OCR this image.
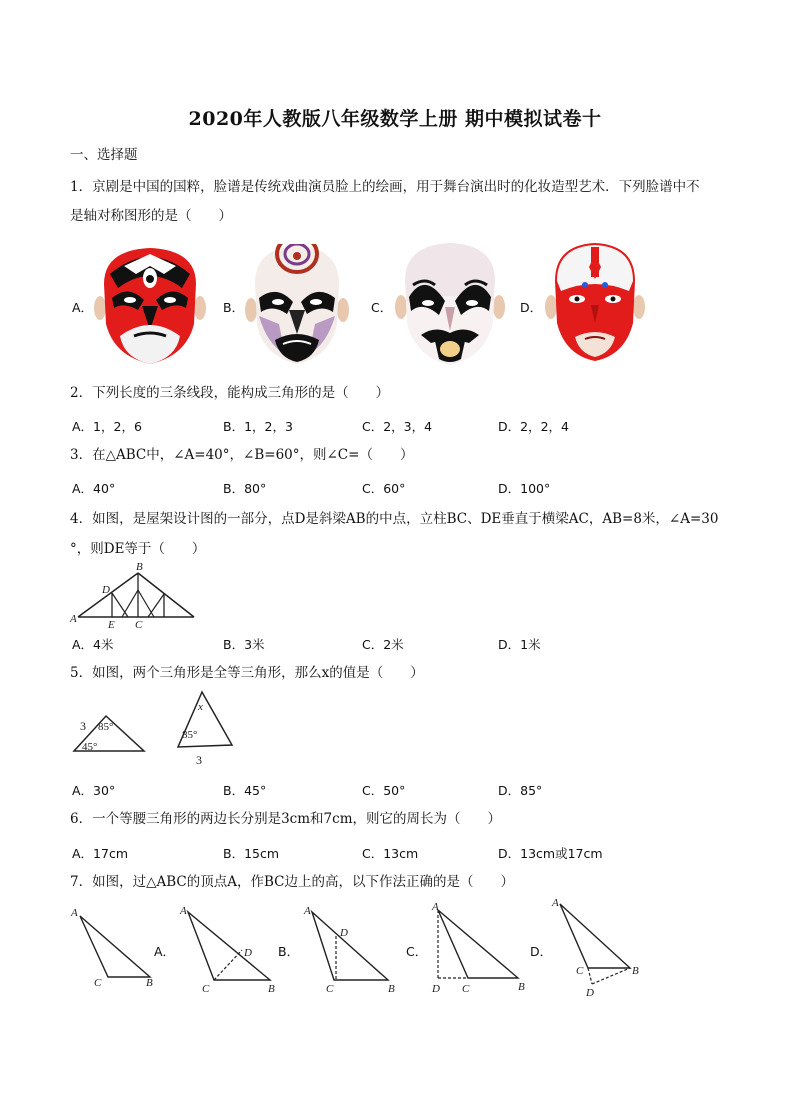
2020年人教版八年级数学上册 期中模拟试卷十
一、选择题
1．京剧是中国的国粹，脸谱是传统戏曲演员脸上的绘画，用于舞台演出时的化妆造型艺术．下列脸谱中不
是轴对称图形的是（　　）
A．	B．	C．	D．
2．下列长度的三条线段，能构成三角形的是（　　）
A．1，2，6	B．1，2，3	C．2，3，4	D．2，2，4
3．在△ABC中，∠A=40°，∠B=60°，则∠C=（　　）
A．40°	B．80°	C．60°	D．100°
4．如图，是屋架设计图的一部分，点D是斜梁AB的中点，立柱BC、DE垂直于横梁AC，AB=8米，∠A=30
°，则DE等于（　　）
A
B
C
D
E
A．4米	B．3米	C．2米	D．1米
5．如图，两个三角形是全等三角形，那么x的值是（　　）
3 85°
45°
x
85°
3
A．30°	B．45°	C．50°	D．85°
6．一个等腰三角形的两边长分别是3cm和7cm，则它的周长为（　　）
A．17cm	B．15cm	C．13cm	D．13cm或17cm
7．如图，过△ABC的顶点A，作BC边上的高，以下作法正确的是（　　）
A
C	B
A．
A
D
C	B
B．
A
D
C	B
C．
A
D C	B
D．
A
C	B
D
